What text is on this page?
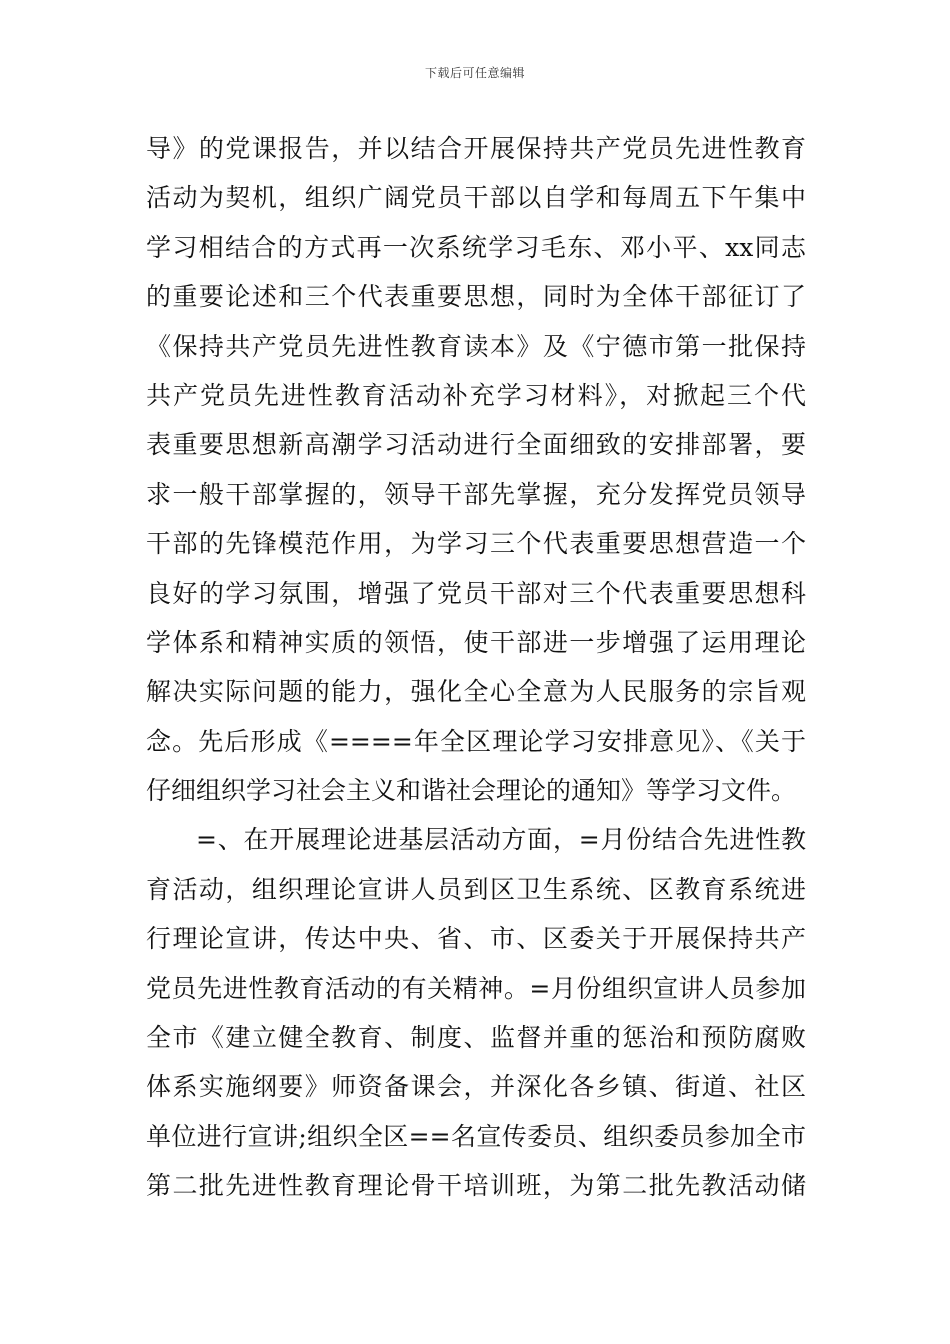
下载后可任意编辑
导》的党课报告，并以结合开展保持共产党员先进性教育
活动为契机，组织广阔党员干部以自学和每周五下午集中
学习相结合的方式再一次系统学习毛东、邓小平、xx同志
的重要论述和三个代表重要思想，同时为全体干部征订了
《保持共产党员先进性教育读本》及《宁德市第一批保持
共产党员先进性教育活动补充学习材料》，对掀起三个代
表重要思想新高潮学习活动进行全面细致的安排部署，要
求一般干部掌握的，领导干部先掌握，充分发挥党员领导
干部的先锋模范作用，为学习三个代表重要思想营造一个
良好的学习氛围，增强了党员干部对三个代表重要思想科
学体系和精神实质的领悟，使干部进一步增强了运用理论
解决实际问题的能力，强化全心全意为人民服务的宗旨观
念。先后形成《====年全区理论学习安排意见》、《关于
仔细组织学习社会主义和谐社会理论的通知》等学习文件。
=、在开展理论进基层活动方面，=月份结合先进性教
育活动，组织理论宣讲人员到区卫生系统、区教育系统进
行理论宣讲，传达中央、省、市、区委关于开展保持共产
党员先进性教育活动的有关精神。=月份组织宣讲人员参加
全市《建立健全教育、制度、监督并重的惩治和预防腐败
体系实施纲要》师资备课会，并深化各乡镇、街道、社区
单位进行宣讲;组织全区==名宣传委员、组织委员参加全市
第二批先进性教育理论骨干培训班，为第二批先教活动储
